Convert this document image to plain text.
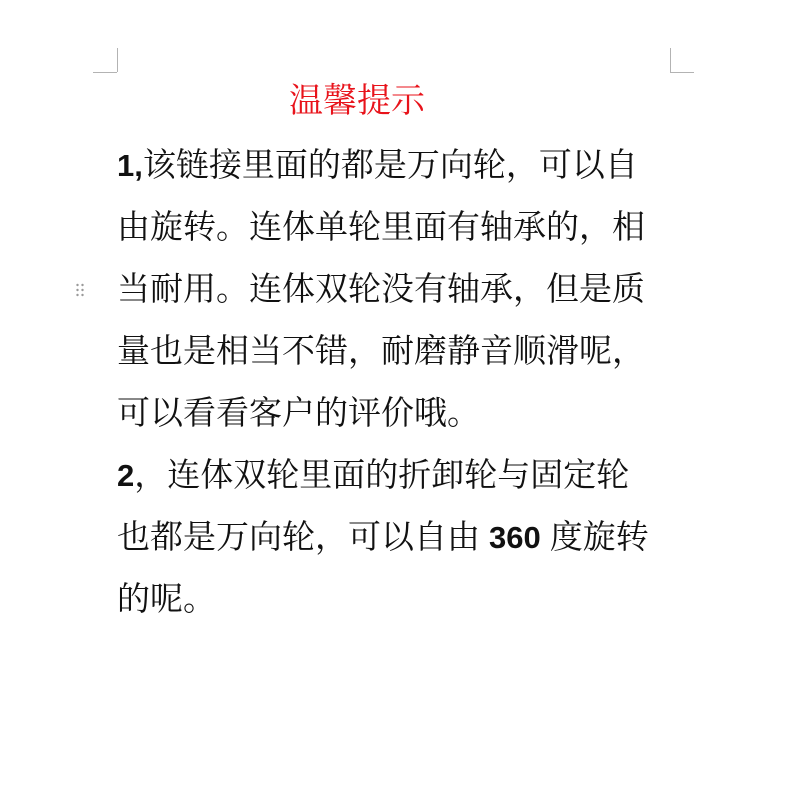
温馨提示
1,该链接里面的都是万向轮，可以自
由旋转。连体单轮里面有轴承的，相
当耐用。连体双轮没有轴承，但是质
量也是相当不错，耐磨静音顺滑呢，
可以看看客户的评价哦。
2，连体双轮里面的折卸轮与固定轮
也都是万向轮，可以自由 360 度旋转
的呢。
